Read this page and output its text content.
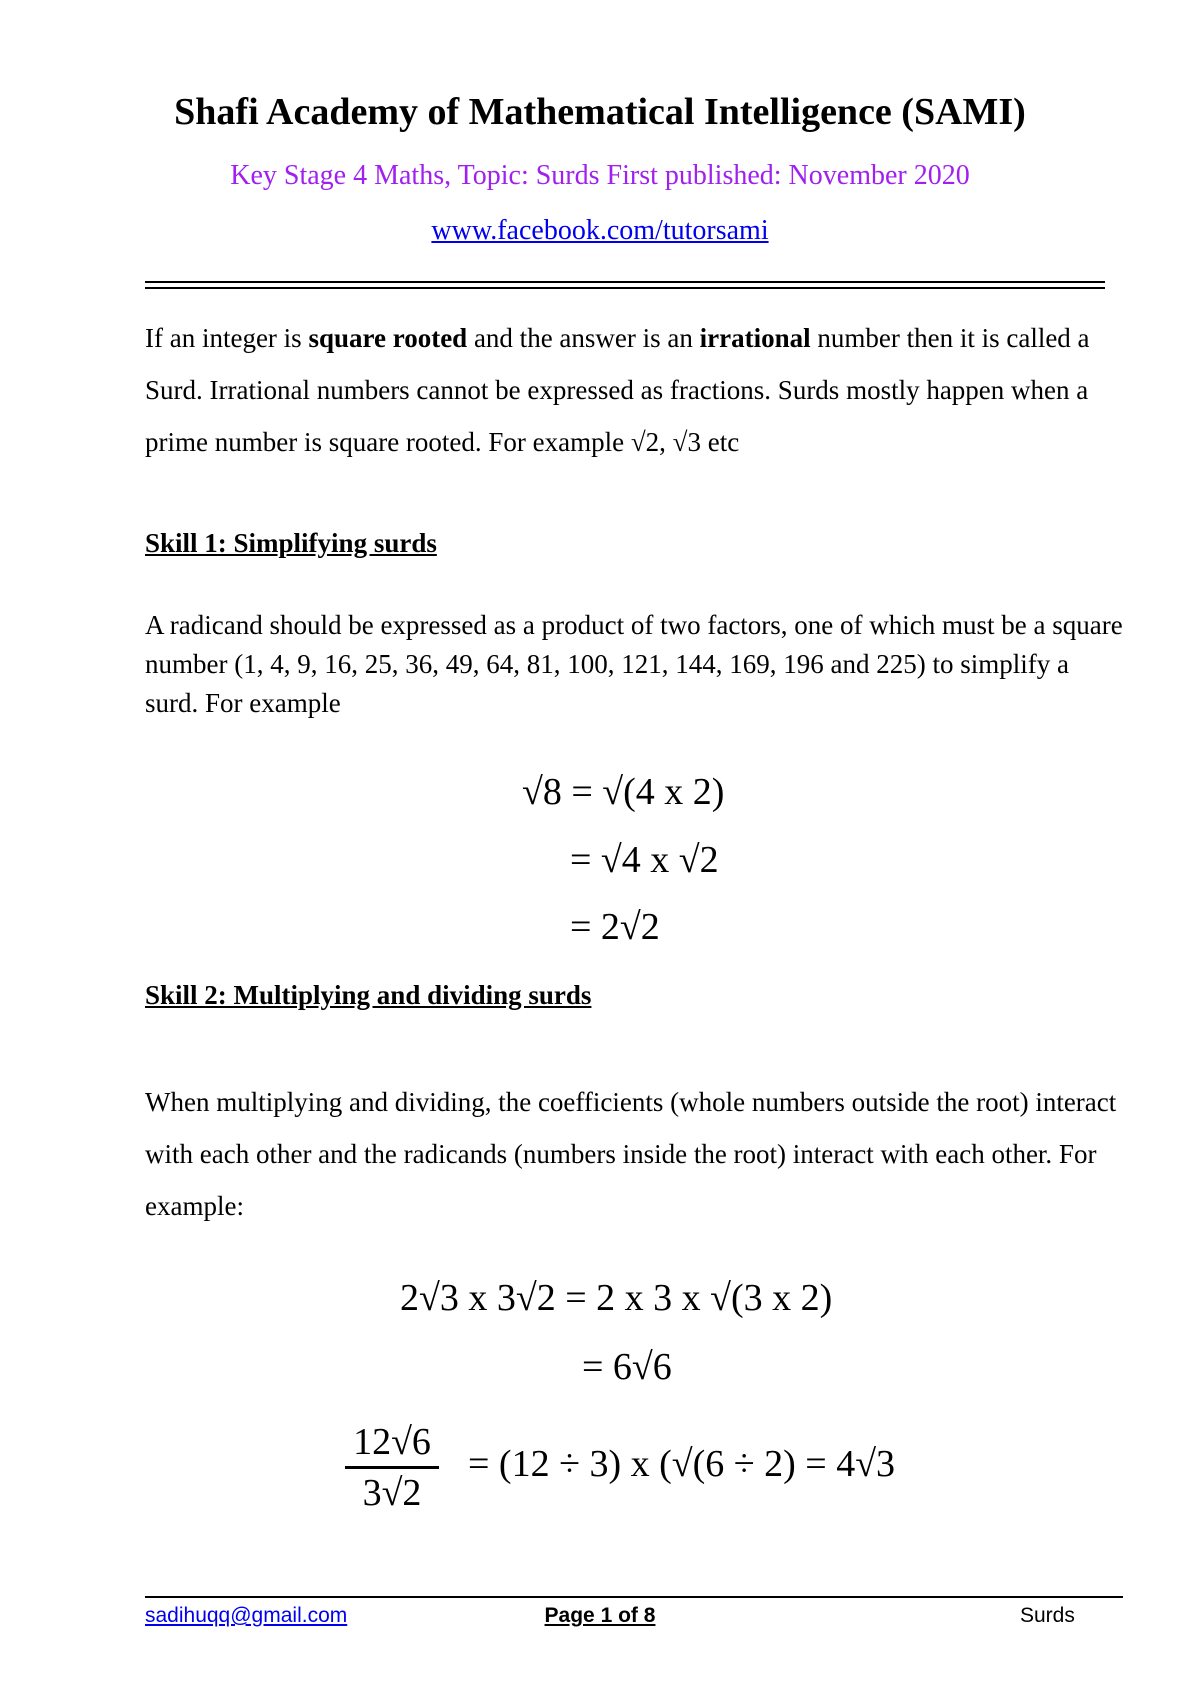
Shafi Academy of Mathematical Intelligence (SAMI)
Key Stage 4 Maths, Topic: Surds First published: November 2020
www.facebook.com/tutorsami
If an integer is square rooted and the answer is an irrational number then it is called a Surd. Irrational numbers cannot be expressed as fractions. Surds mostly happen when a prime number is square rooted. For example √2, √3 etc
Skill 1: Simplifying surds
A radicand should be expressed as a product of two factors, one of which must be a square number (1, 4, 9, 16, 25, 36, 49, 64, 81, 100, 121, 144, 169, 196 and 225) to simplify a surd. For example
√8 = √(4 x 2)
= √4 x √2
= 2√2
Skill 2: Multiplying and dividing surds
When multiplying and dividing, the coefficients (whole numbers outside the root) interact with each other and the radicands (numbers inside the root) interact with each other. For example:
2√3 x 3√2 = 2 x 3 x √(3 x 2)
= 6√6
12√6
3√2
= (12 ÷ 3) x (√(6 ÷ 2) = 4√3
sadihuqq@gmail.com	Page 1 of 8	Surds
